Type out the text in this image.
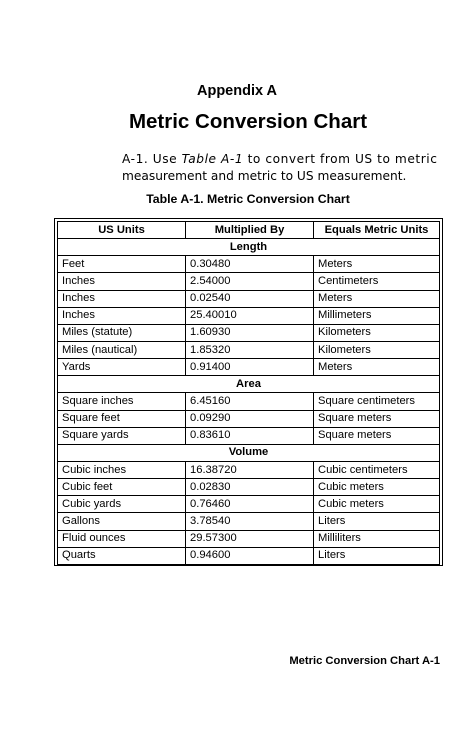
Appendix A
Metric Conversion Chart
A-1. Use Table A-1 to convert from US to metric
measurement and metric to US measurement.
Table A-1. Metric Conversion Chart
US Units	Multiplied By	Equals Metric Units
Length		
Feet	0.30480	Meters
Inches	2.54000	Centimeters
Inches	0.02540	Meters
Inches	25.40010	Millimeters
Miles (statute)	1.60930	Kilometers
Miles (nautical)	1.85320	Kilometers
Yards	0.91400	Meters
Area		
Square inches	6.45160	Square centimeters
Square feet	0.09290	Square meters
Square yards	0.83610	Square meters
Volume		
Cubic inches	16.38720	Cubic centimeters
Cubic feet	0.02830	Cubic meters
Cubic yards	0.76460	Cubic meters
Gallons	3.78540	Liters
Fluid ounces	29.57300	Milliliters
Quarts	0.94600	Liters
Metric Conversion Chart A-1
